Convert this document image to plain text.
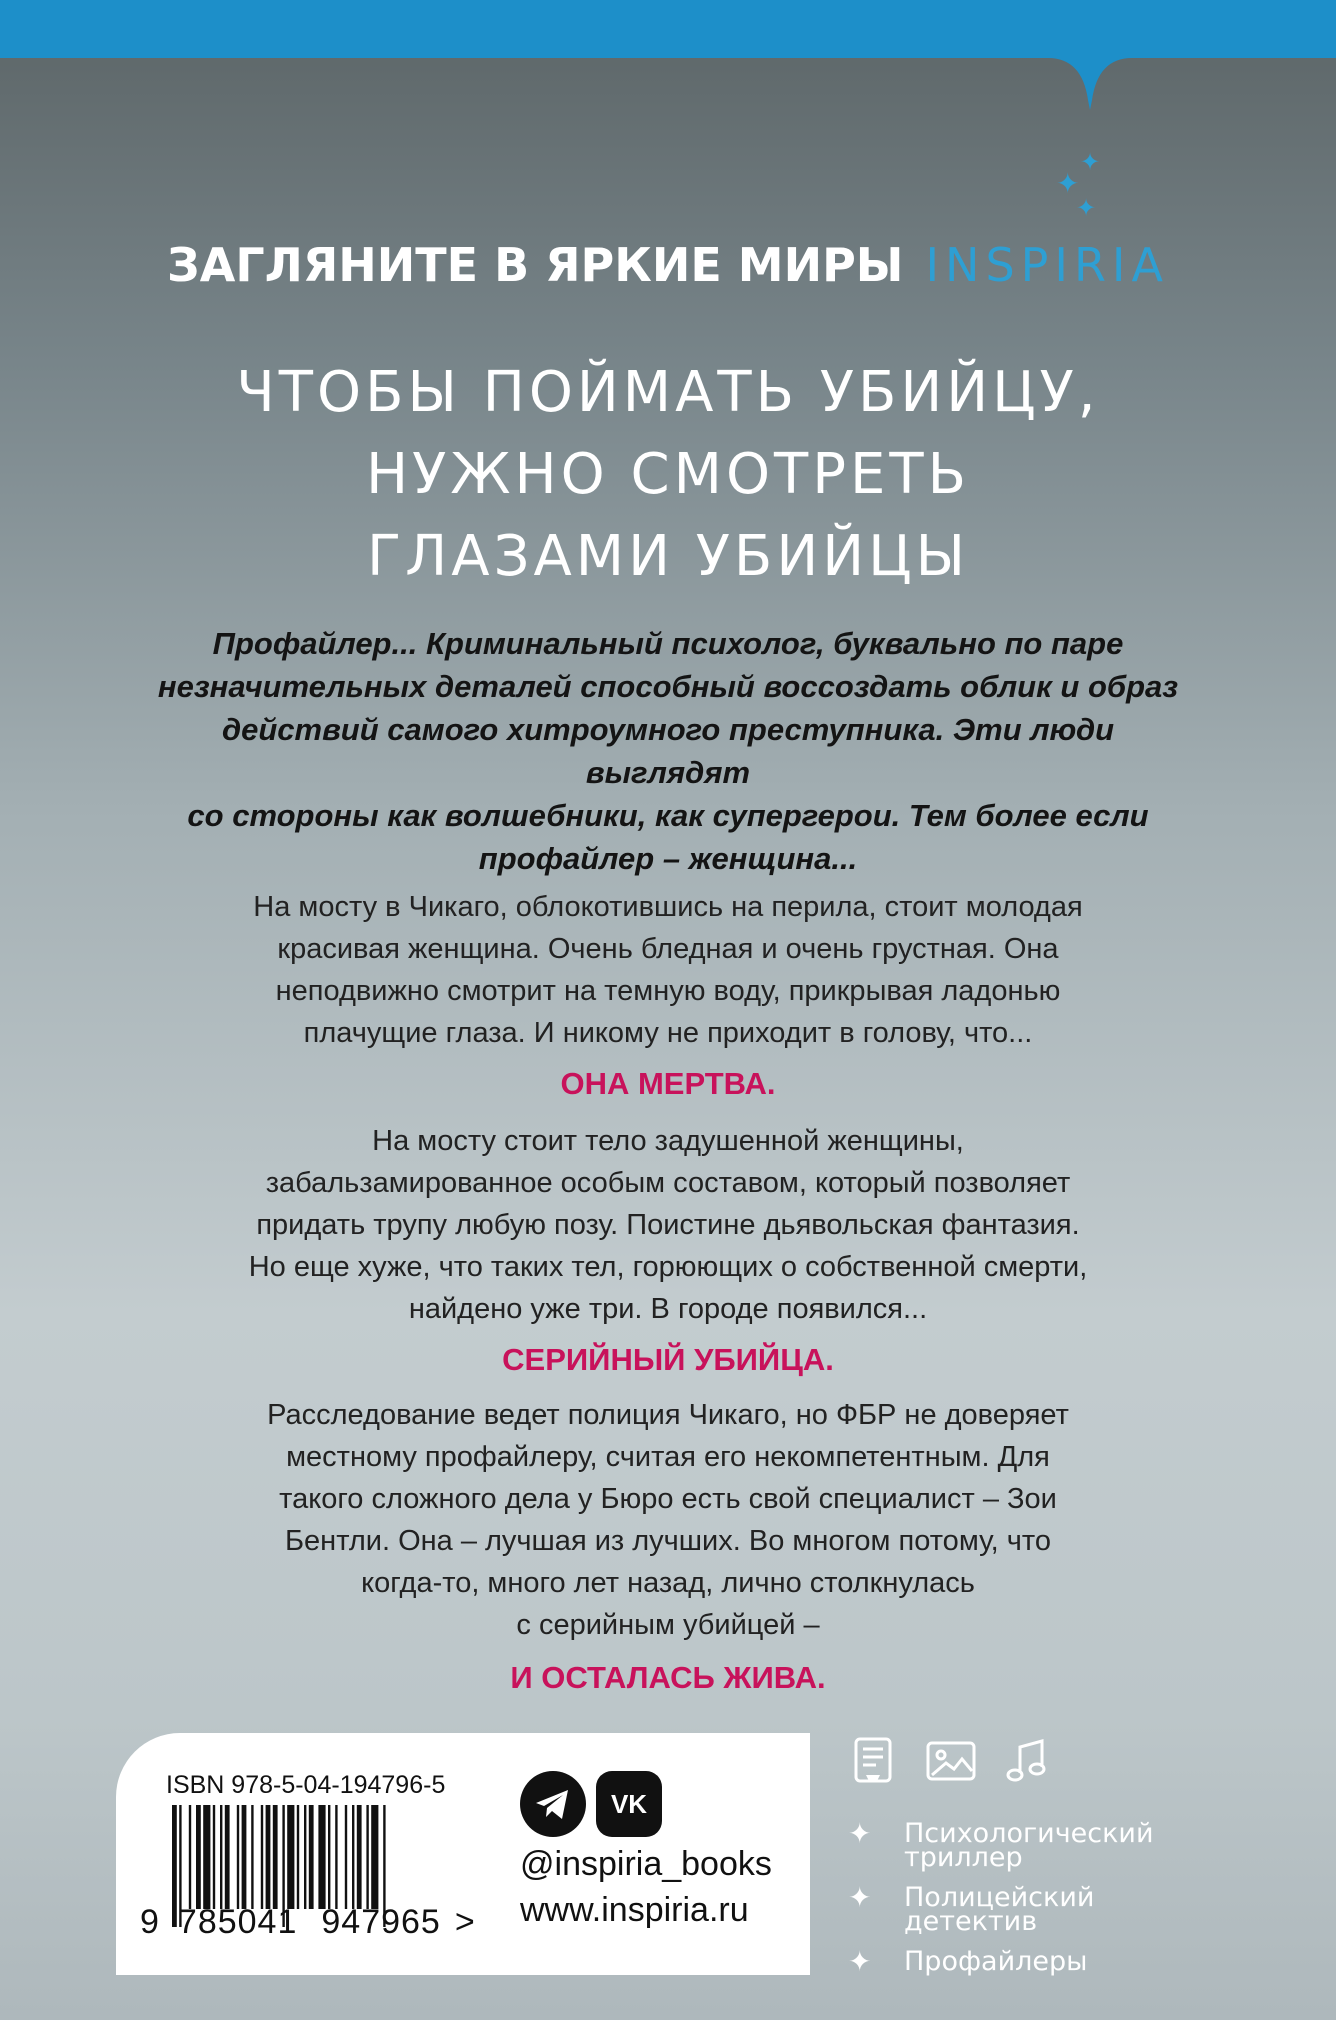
✦
✦
✦
ЗАГЛЯНИТЕ В ЯРКИЕ МИРЫ INSPIRIA
ЧТОБЫ ПОЙМАТЬ УБИЙЦУ,
НУЖНО СМОТРЕТЬ
ГЛАЗАМИ УБИЙЦЫ
Профайлер... Криминальный психолог, буквально по паре
незначительных деталей способный воссоздать облик и образ
действий самого хитроумного преступника. Эти люди выглядят
со стороны как волшебники, как супергерои. Тем более если
профайлер – женщина...
На мосту в Чикаго, облокотившись на перила, стоит молодая
красивая женщина. Очень бледная и очень грустная. Она
неподвижно смотрит на темную воду, прикрывая ладонью
плачущие глаза. И никому не приходит в голову, что...
ОНА МЕРТВА.
На мосту стоит тело задушенной женщины,
забальзамированное особым составом, который позволяет
придать трупу любую позу. Поистине дьявольская фантазия.
Но еще хуже, что таких тел, горюющих о собственной смерти,
найдено уже три. В городе появился...
СЕРИЙНЫЙ УБИЙЦА.
Расследование ведет полиция Чикаго, но ФБР не доверяет
местному профайлеру, считая его некомпетентным. Для
такого сложного дела у Бюро есть свой специалист – Зои
Бентли. Она – лучшая из лучших. Во многом потому, что
когда-то, много лет назад, лично столкнулась
с серийным убийцей –
И ОСТАЛАСЬ ЖИВА.
ISBN 978-5-04-194796-5
9 785041 947965 >
VK
@inspiria_books
www.inspiria.ru
✦ Психологический
триллер
✦ Полицейский
детектив
✦ Профайлеры
